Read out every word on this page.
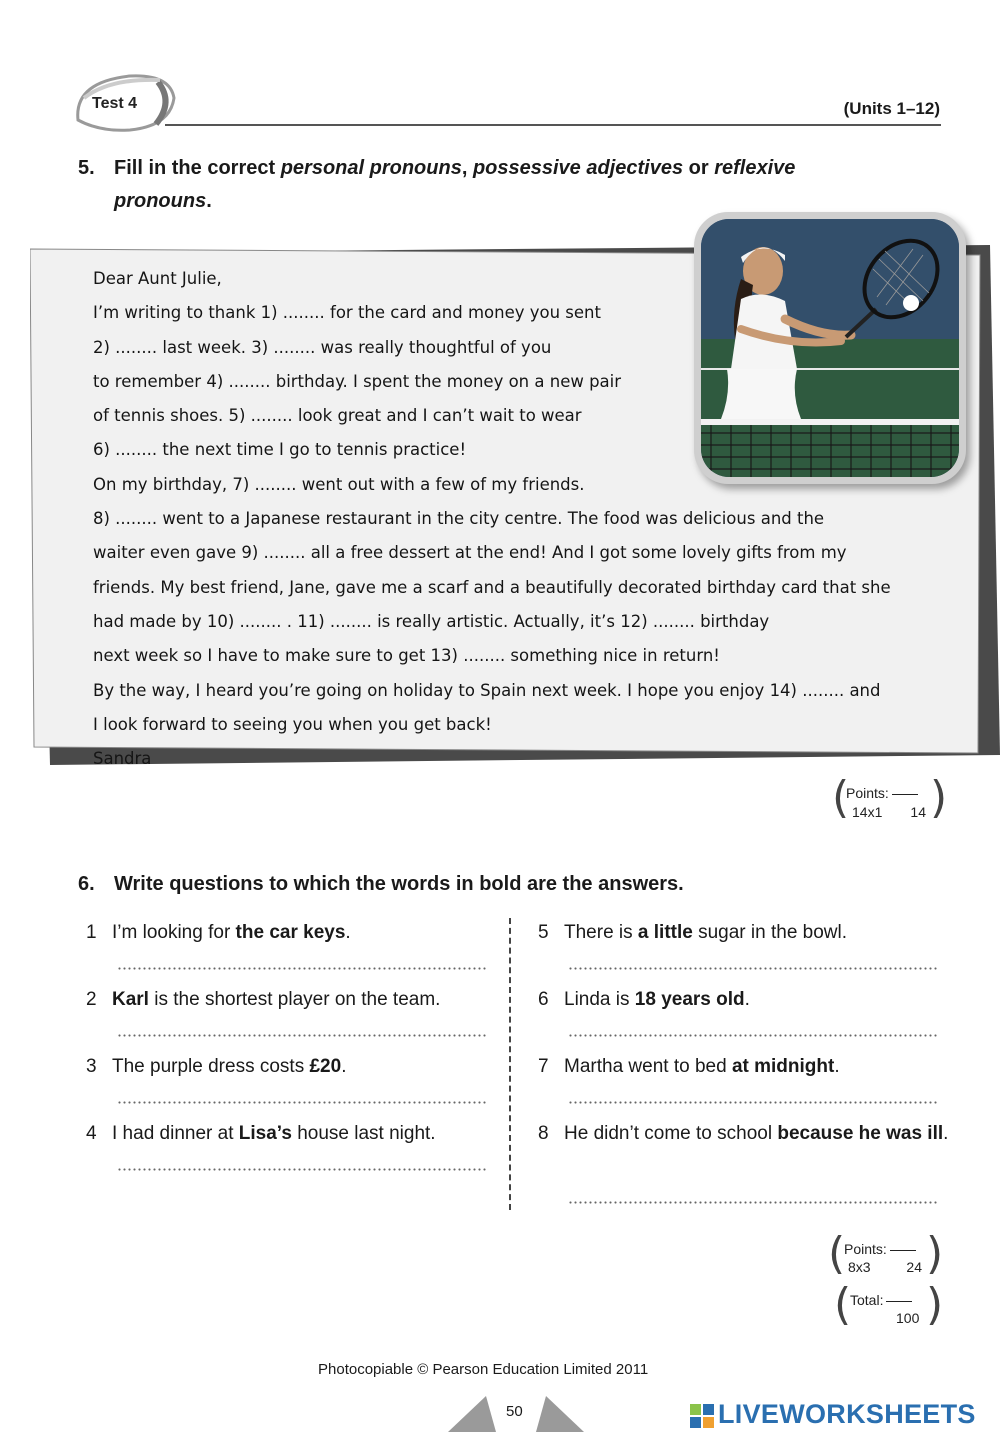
Test 4	(Units 1–12)
5. Fill in the correct personal pronouns, possessive adjectives or reflexive
pronouns.
Dear Aunt Julie,
I’m writing to thank 1) ........ for the card and money you sent
2) ........ last week. 3) ........ was really thoughtful of you
to remember 4) ........ birthday. I spent the money on a new pair
of tennis shoes. 5) ........ look great and I can’t wait to wear
6) ........ the next time I go to tennis practice!
On my birthday, 7) ........ went out with a few of my friends.
8) ........ went to a Japanese restaurant in the city centre. The food was delicious and the
waiter even gave 9) ........ all a free dessert at the end! And I got some lovely gifts from my
friends. My best friend, Jane, gave me a scarf and a beautifully decorated birthday card that she
had made by 10) ........ . 11) ........ is really artistic. Actually, it’s 12) ........ birthday
next week so I have to make sure to get 13) ........ something nice in return!
By the way, I heard you’re going on holiday to Spain next week. I hope you enjoy 14) ........ and
I look forward to seeing you when you get back!
Sandra
( )
Points:
14x1 14
6. Write questions to which the words in bold are the answers.
1 I’m looking for the car keys.
2 Karl is the shortest player on the team.
3 The purple dress costs £20.
4 I had dinner at Lisa’s house last night.
5 There is a little sugar in the bowl.
6 Linda is 18 years old.
7 Martha went to bed at midnight.
8 He didn’t come to school because he was ill.
( )
Points:
8x3	24
( )
Total:
100
Photocopiable © Pearson Education Limited 2011
50	LIVEWORKSHEETS
